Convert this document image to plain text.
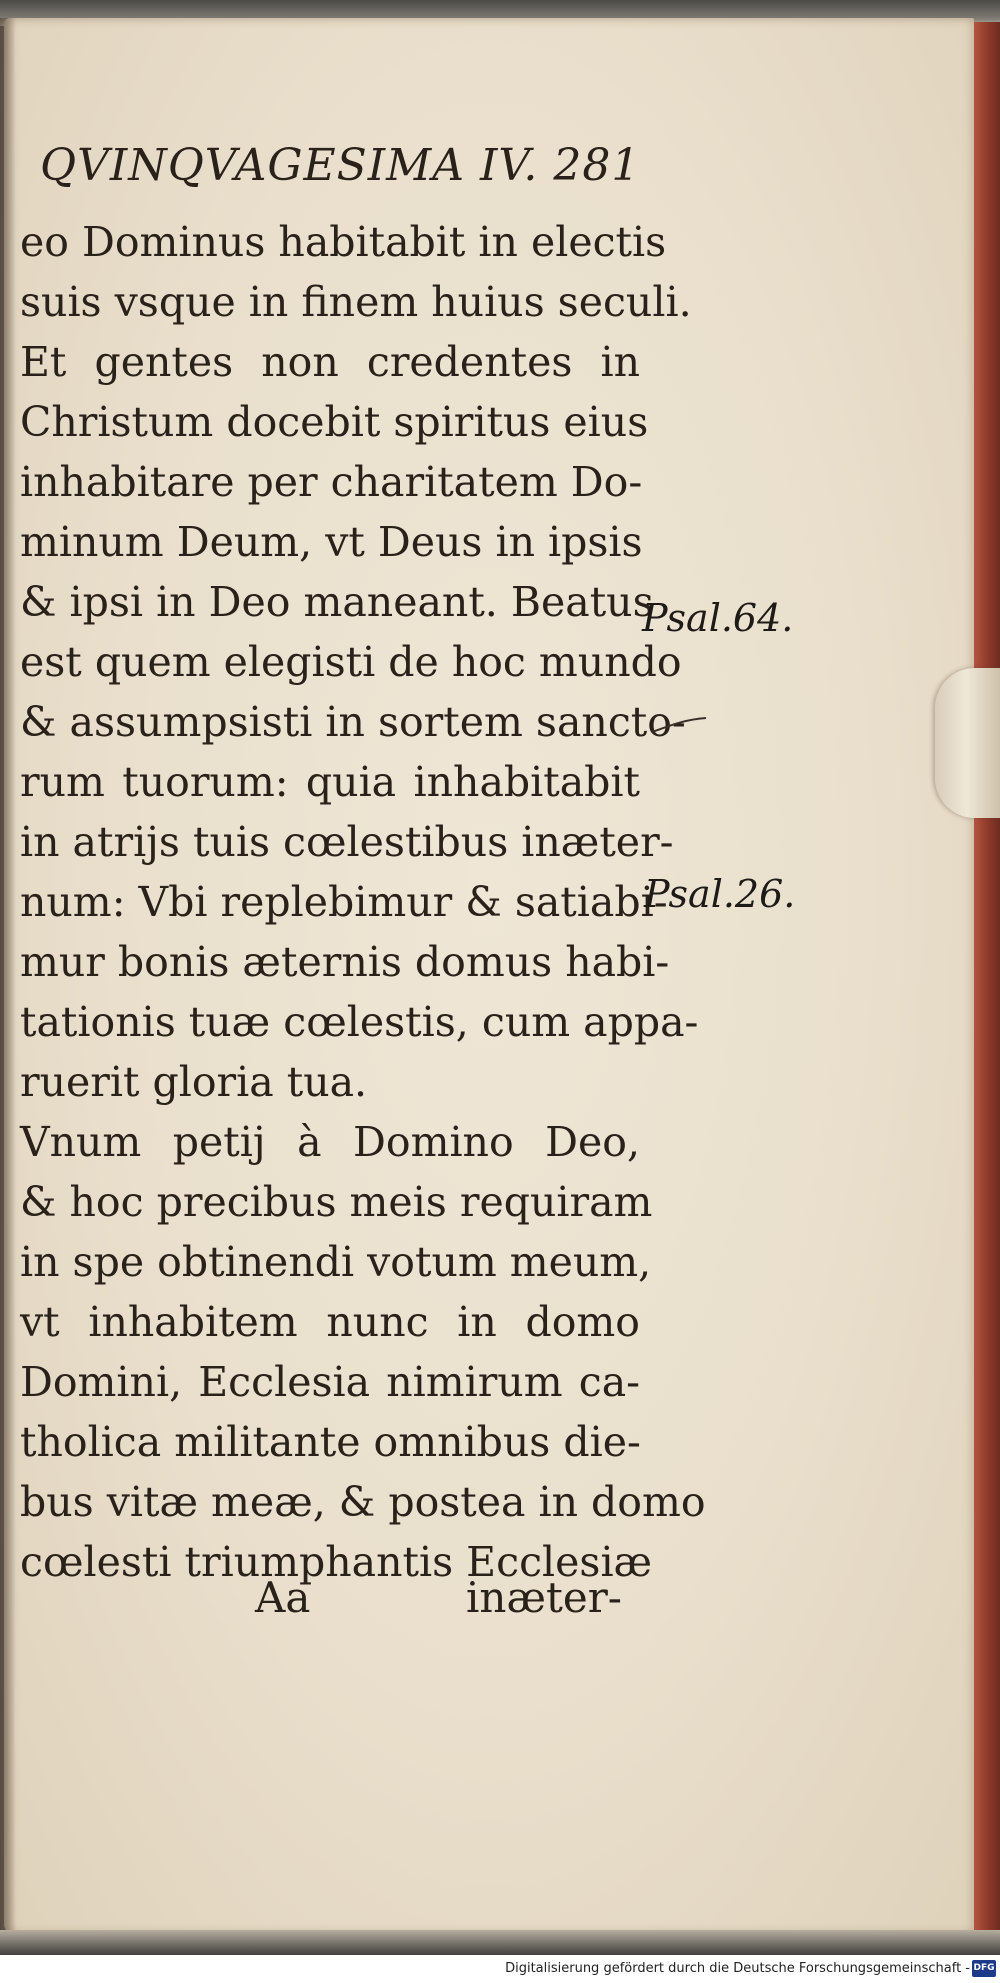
QVINQVAGESIMA IV. 281

eo Dominus habitabit in electis
suis vsque in finem huius seculi.
Et gentes non credentes in
Christum docebit spiritus eius
inhabitare per charitatem Do-
minum Deum, vt Deus in ipsis
& ipsi in Deo maneant. Beatus
est quem elegisti de hoc mundo
& assumpsisti in sortem sancto-
rum tuorum: quia inhabitabit
in atrijs tuis cœlestibus inæter-
num: Vbi replebimur & satiabi-
mur bonis æternis domus habi-
tationis tuæ cœlestis, cum appa-
ruerit gloria tua.
Vnum petij à Domino Deo,
& hoc precibus meis requiram
in spe obtinendi votum meum,
vt inhabitem nunc in domo
Domini, Ecclesia nimirum ca-
tholica militante omnibus die-
bus vitæ meæ, & postea in domo
cœlesti triumphantis Ecclesiæ
Aa	inæter-
Psal.64.
Psal.26.
Digitalisierung gefördert durch die Deutsche Forschungsgemeinschaft - DFG
